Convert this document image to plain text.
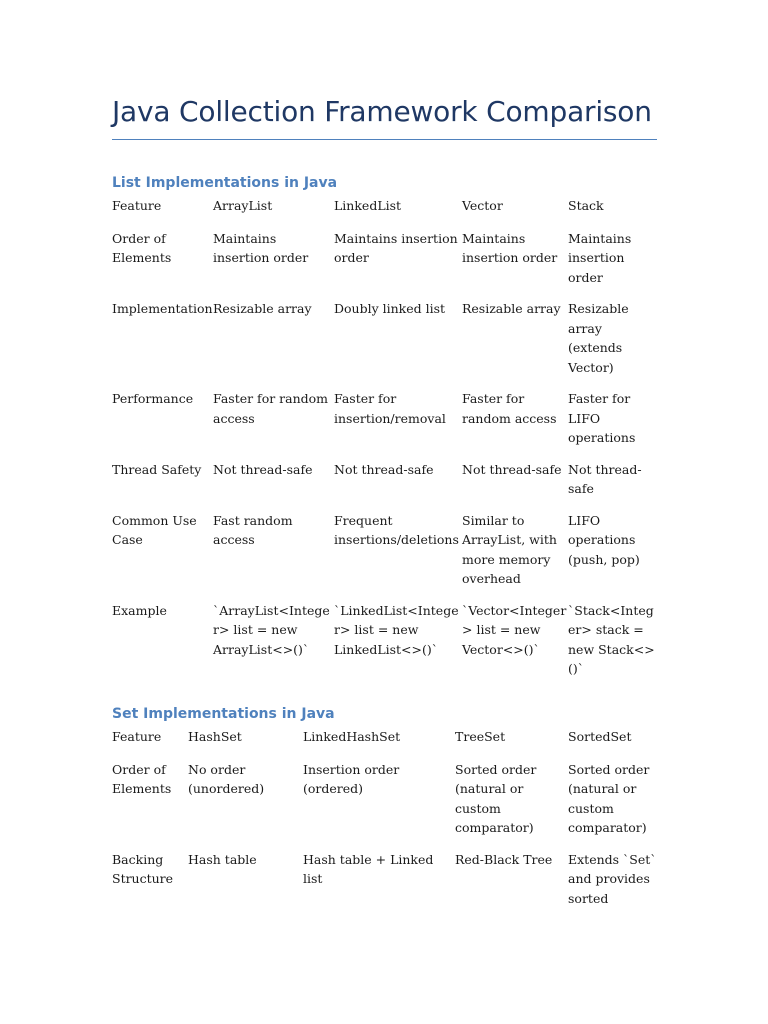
Java Collection Framework Comparison
List Implementations in Java
Feature	ArrayList	LinkedList	Vector	Stack
Order of Elements	Maintains insertion order	Maintains insertion order	Maintains insertion order	Maintains insertion order
Implementation	Resizable array	Doubly linked list	Resizable array	Resizable array (extends Vector)
Performance	Faster for random access	Faster for insertion/removal	Faster for random access	Faster for LIFO operations
Thread Safety	Not thread-safe	Not thread-safe	Not thread-safe	Not thread-safe
Common Use Case	Fast random access	Frequent insertions/deletions	Similar to ArrayList, with more memory overhead	LIFO operations (push, pop)
Example	`ArrayList<Integer> list = new ArrayList<>()`	`LinkedList<Integer> list = new LinkedList<>()`	`Vector<Integer> list = new Vector<>()`	`Stack<Integer> stack = new Stack<>()`
Set Implementations in Java
Feature	HashSet	LinkedHashSet	TreeSet	SortedSet
Order of Elements	No order (unordered)	Insertion order (ordered)	Sorted order (natural or custom comparator)	Sorted order (natural or custom comparator)
Backing Structure	Hash table	Hash table + Linked list	Red-Black Tree	Extends `Set` and provides sorted
